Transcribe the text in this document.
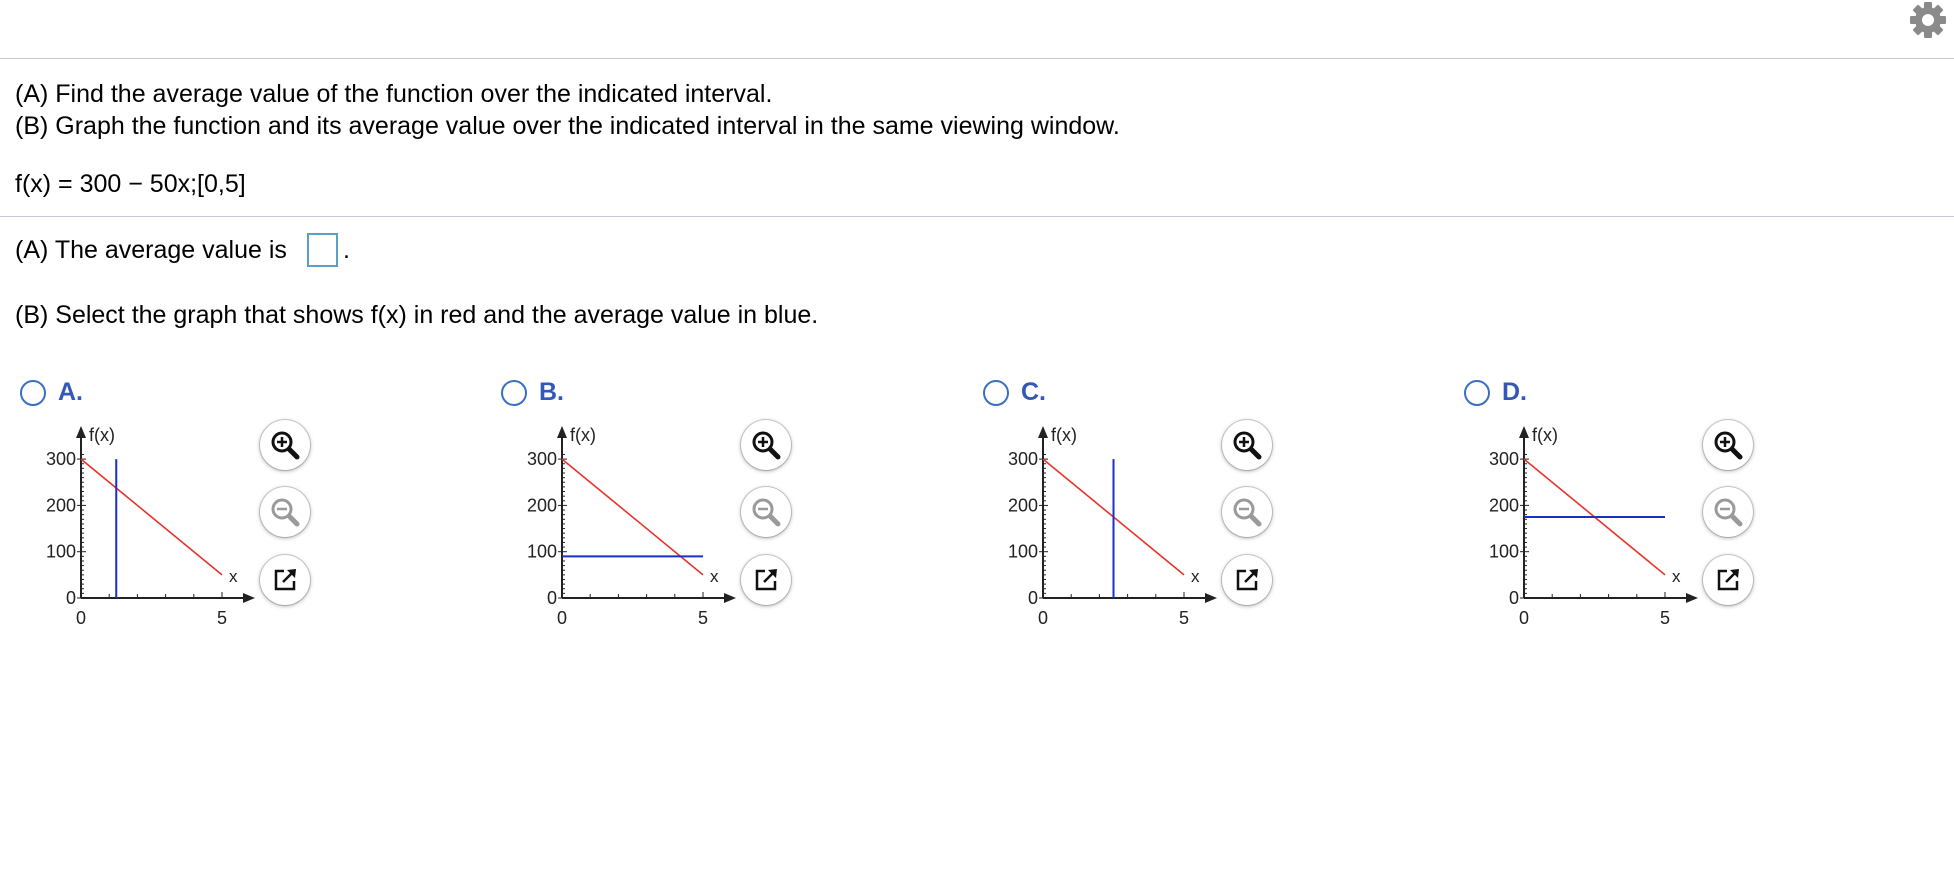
(A) Find the average value of the function over the indicated interval.
(B) Graph the function and its average value over the indicated interval in the same viewing window.
f(x) = 300 − 50x;[0,5]
(A) The average value is .
(B) Select the graph that shows f(x) in red and the average value in blue.
A.	B.	C.	D.
f(x)
x
0
100
200
300
0	5
f(x)
x
0
100
200
300
0	5
f(x)
x
0
100
200
300
0	5
f(x)
x
0
100
200
300
0	5
